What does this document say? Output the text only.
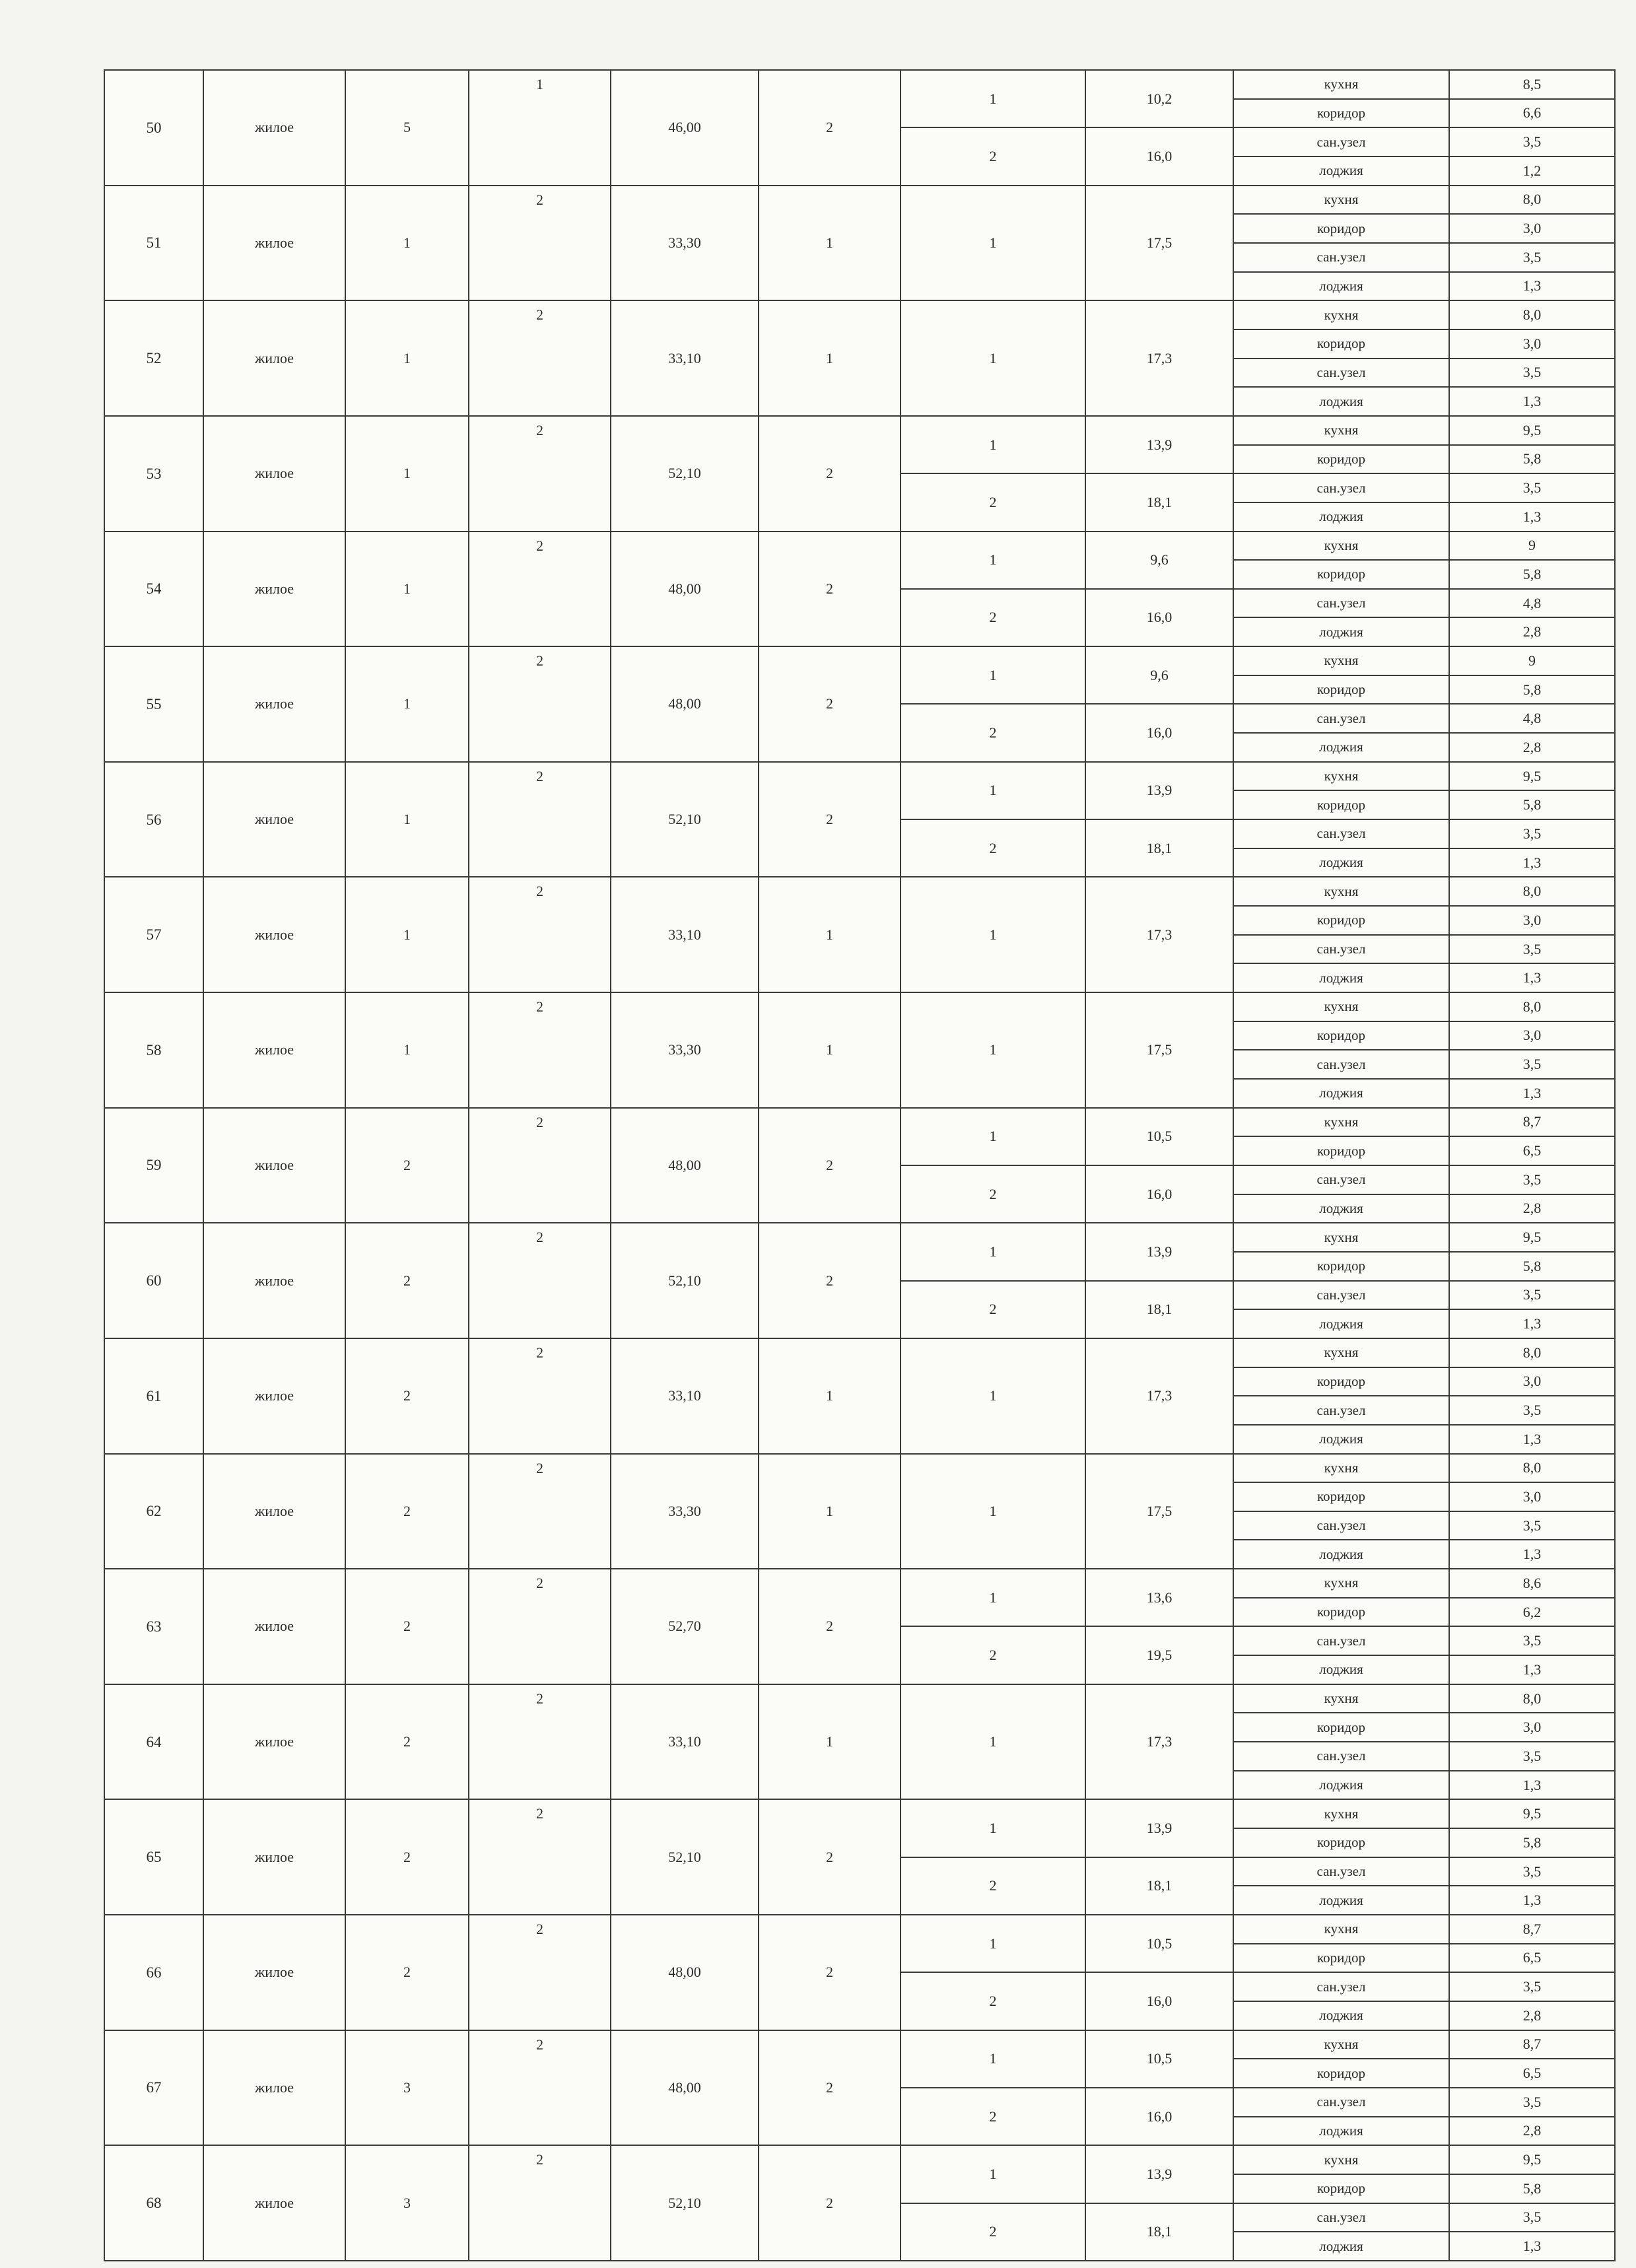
50	жилое	5	1	46,00	2	1	10,2	кухня	8,5
								коридор	6,6
						2	16,0	сан.узел	3,5
								лоджия	1,2
51	жилое	1	2	33,30	1	1	17,5	кухня	8,0
								коридор	3,0
								сан.узел	3,5
								лоджия	1,3
52	жилое	1	2	33,10	1	1	17,3	кухня	8,0
								коридор	3,0
								сан.узел	3,5
								лоджия	1,3
53	жилое	1	2	52,10	2	1	13,9	кухня	9,5
								коридор	5,8
						2	18,1	сан.узел	3,5
								лоджия	1,3
54	жилое	1	2	48,00	2	1	9,6	кухня	9
								коридор	5,8
						2	16,0	сан.узел	4,8
								лоджия	2,8
55	жилое	1	2	48,00	2	1	9,6	кухня	9
								коридор	5,8
						2	16,0	сан.узел	4,8
								лоджия	2,8
56	жилое	1	2	52,10	2	1	13,9	кухня	9,5
								коридор	5,8
						2	18,1	сан.узел	3,5
								лоджия	1,3
57	жилое	1	2	33,10	1	1	17,3	кухня	8,0
								коридор	3,0
								сан.узел	3,5
								лоджия	1,3
58	жилое	1	2	33,30	1	1	17,5	кухня	8,0
								коридор	3,0
								сан.узел	3,5
								лоджия	1,3
59	жилое	2	2	48,00	2	1	10,5	кухня	8,7
								коридор	6,5
						2	16,0	сан.узел	3,5
								лоджия	2,8
60	жилое	2	2	52,10	2	1	13,9	кухня	9,5
								коридор	5,8
						2	18,1	сан.узел	3,5
								лоджия	1,3
61	жилое	2	2	33,10	1	1	17,3	кухня	8,0
								коридор	3,0
								сан.узел	3,5
								лоджия	1,3
62	жилое	2	2	33,30	1	1	17,5	кухня	8,0
								коридор	3,0
								сан.узел	3,5
								лоджия	1,3
63	жилое	2	2	52,70	2	1	13,6	кухня	8,6
								коридор	6,2
						2	19,5	сан.узел	3,5
								лоджия	1,3
64	жилое	2	2	33,10	1	1	17,3	кухня	8,0
								коридор	3,0
								сан.узел	3,5
								лоджия	1,3
65	жилое	2	2	52,10	2	1	13,9	кухня	9,5
								коридор	5,8
						2	18,1	сан.узел	3,5
								лоджия	1,3
66	жилое	2	2	48,00	2	1	10,5	кухня	8,7
								коридор	6,5
						2	16,0	сан.узел	3,5
								лоджия	2,8
67	жилое	3	2	48,00	2	1	10,5	кухня	8,7
								коридор	6,5
						2	16,0	сан.узел	3,5
								лоджия	2,8
68	жилое	3	2	52,10	2	1	13,9	кухня	9,5
								коридор	5,8
						2	18,1	сан.узел	3,5
								лоджия	1,3
